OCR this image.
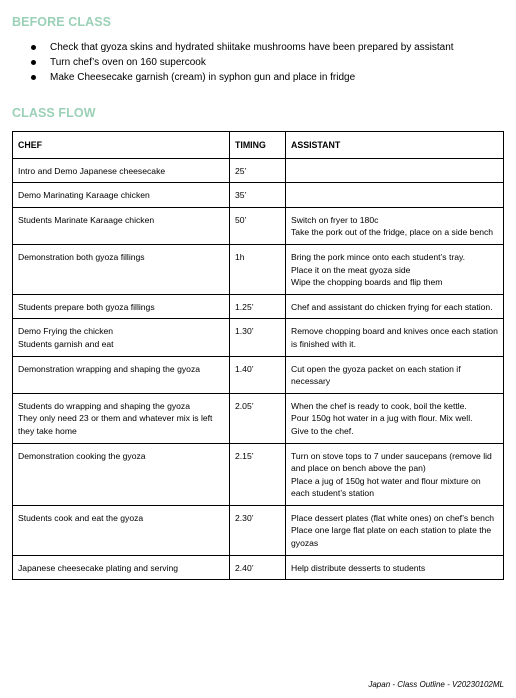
BEFORE CLASS
Check that gyoza skins and hydrated shiitake mushrooms have been prepared by assistant
Turn chef’s oven on 160 supercook
Make Cheesecake garnish (cream) in syphon gun and place in fridge
CLASS FLOW
CHEF	TIMING	ASSISTANT

Intro and Demo Japanese cheesecake	25’	

Demo Marinating Karaage chicken	35’	

Students Marinate Karaage chicken	50’	Switch on fryer to 180c
Take the pork out of the fridge, place on a side bench

Demonstration both gyoza fillings	1h	Bring the pork mince onto each student’s tray.
Place it on the meat gyoza side
Wipe the chopping boards and flip them

Students prepare both gyoza fillings	1.25’	Chef and assistant do chicken frying for each station.

Demo Frying the chicken
Students garnish and eat	1.30’	Remove chopping board and knives once each station is finished with it.

Demonstration wrapping and shaping the gyoza	1.40’	Cut open the gyoza packet on each station if necessary

Students do wrapping and shaping the gyoza
They only need 23 or them and whatever mix is left they take home	2.05’	When the chef is ready to cook, boil the kettle.
Pour 150g hot water in a jug with flour. Mix well.
Give to the chef.

Demonstration cooking the gyoza	2.15’	Turn on stove tops to 7 under saucepans (remove lid and place on bench above the pan)
Place a jug of 150g hot water and flour mixture on each student’s station

Students cook and eat the gyoza	2.30’	Place dessert plates (flat white ones) on chef’s bench
Place one large flat plate on each station to plate the gyozas

Japanese cheesecake plating and serving	2.40’	Help distribute desserts to students
Japan - Class Outline - V20230102ML
